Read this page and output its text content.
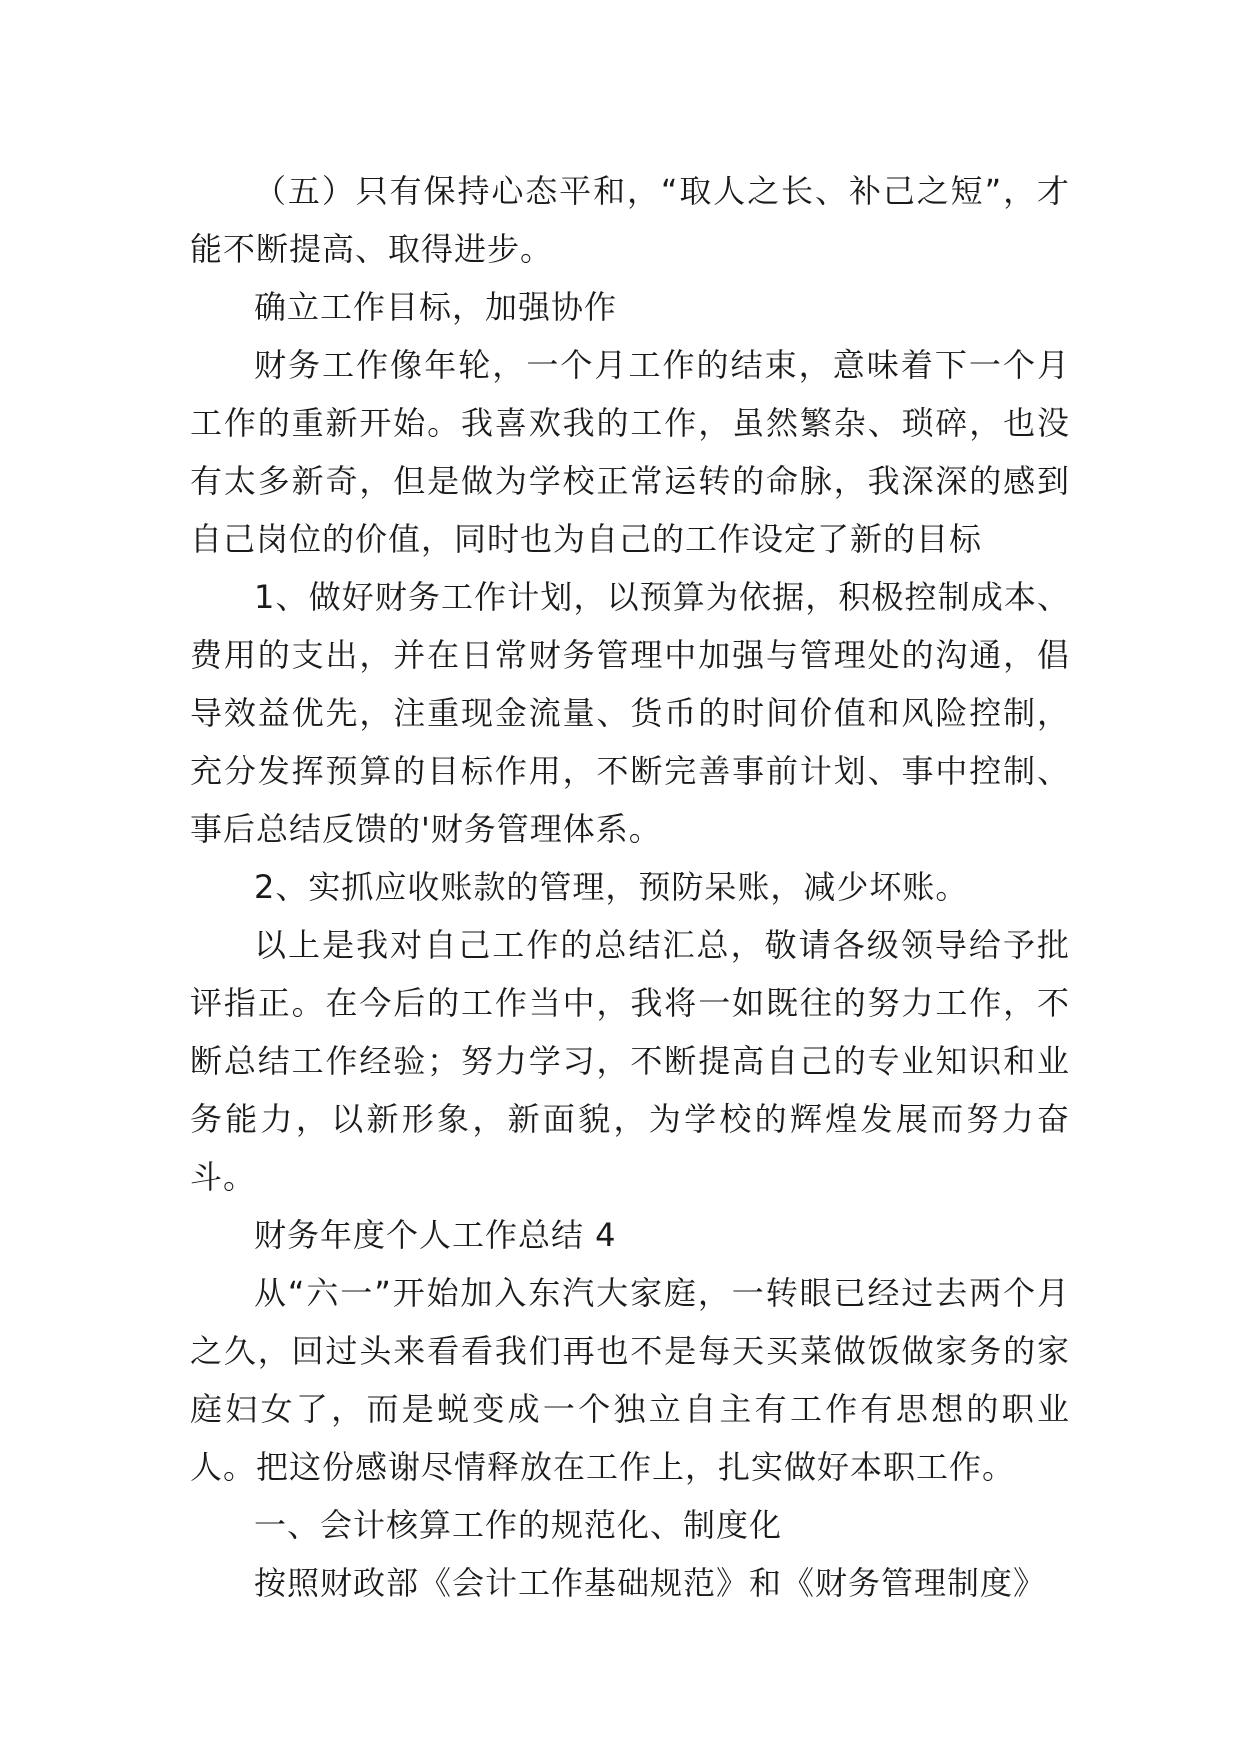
（五）只有保持心态平和，“取人之长、补己之短”，才能不断提高、取得进步。

确立工作目标，加强协作

财务工作像年轮，一个月工作的结束，意味着下一个月工作的重新开始。我喜欢我的工作，虽然繁杂、琐碎，也没有太多新奇，但是做为学校正常运转的命脉，我深深的感到自己岗位的价值，同时也为自己的工作设定了新的目标

1、做好财务工作计划，以预算为依据，积极控制成本、费用的支出，并在日常财务管理中加强与管理处的沟通，倡导效益优先，注重现金流量、货币的时间价值和风险控制，充分发挥预算的目标作用，不断完善事前计划、事中控制、事后总结反馈的'财务管理体系。

2、实抓应收账款的管理，预防呆账，减少坏账。

以上是我对自己工作的总结汇总，敬请各级领导给予批评指正。在今后的工作当中，我将一如既往的努力工作，不断总结工作经验；努力学习，不断提高自己的专业知识和业务能力，以新形象，新面貌，为学校的辉煌发展而努力奋斗。

财务年度个人工作总结 4

从“六一”开始加入东汽大家庭，一转眼已经过去两个月之久，回过头来看看我们再也不是每天买菜做饭做家务的家庭妇女了，而是蜕变成一个独立自主有工作有思想的职业人。把这份感谢尽情释放在工作上，扎实做好本职工作。

一、会计核算工作的规范化、制度化

按照财政部《会计工作基础规范》和《财务管理制度》
